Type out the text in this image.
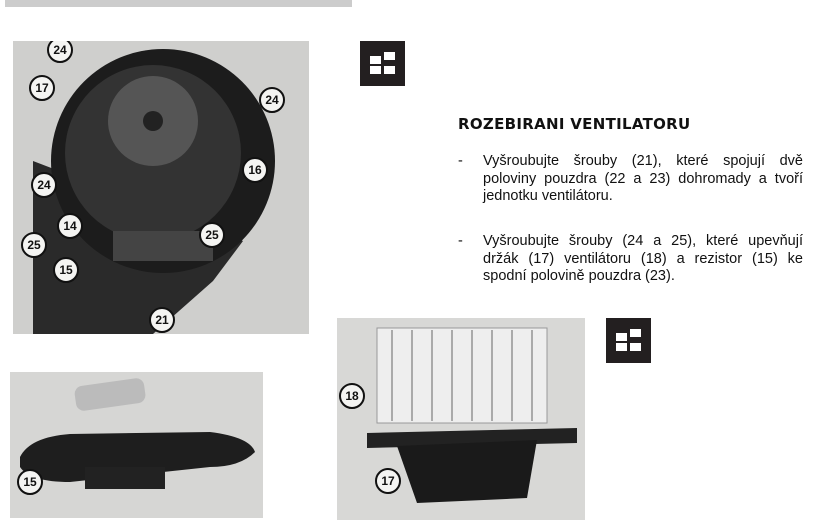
24
17
24
16
24
14
25
25
15
21
ROZEBIRANI VENTILATORU
- Vyšroubujte šrouby (21), které spojují dvě poloviny pouzdra (22 a 23) dohromady a tvoří jednotku ventilátoru.
- Vyšroubujte šrouby (24 a 25), které upevňují držák (17) ventilátoru (18) a rezistor (15) ke spodní polovině pouzdra (23).
15
18
17
